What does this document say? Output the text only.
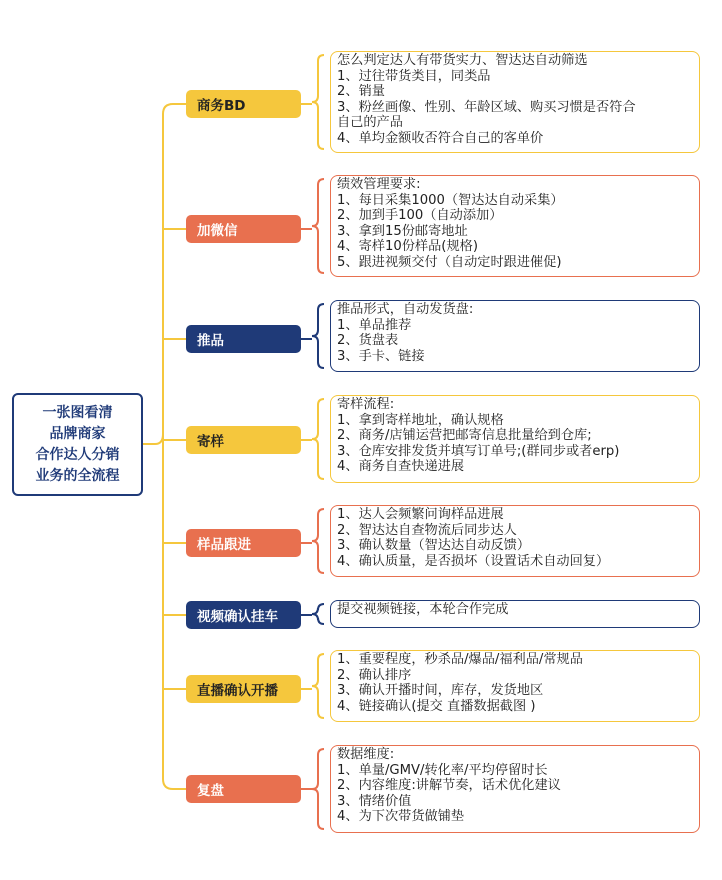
一张图看清
品牌商家
合作达人分销
业务的全流程
商务BD
怎么判定达人有带货实力、智达达自动筛选
1、过往带货类目，同类品
2、销量
3、粉丝画像、性别、年龄区域、购买习惯是否符合
自己的产品
4、单均金额收否符合自己的客单价
加微信
绩效管理要求:
1、每日采集1000（智达达自动采集）
2、加到手100（自动添加）
3、拿到15份邮寄地址
4、寄样10份样品(规格)
5、跟进视频交付（自动定时跟进催促)
推品
推品形式，自动发货盘:
1、单品推荐
2、货盘表
3、手卡、链接
寄样
寄样流程:
1、拿到寄样地址，确认规格
2、商务/店铺运营把邮寄信息批量给到仓库;
3、仓库安排发货并填写订单号;(群同步或者erp)
4、商务自查快递进展
样品跟进
1、达人会频繁问询样品进展
2、智达达自查物流后同步达人
3、确认数量（智达达自动反馈）
4、确认质量，是否损坏（设置话术自动回复）
视频确认挂车	提交视频链接，本轮合作完成
直播确认开播
1、重要程度，秒杀品/爆品/福利品/常规品
2、确认排序
3、确认开播时间，库存，发货地区
4、链接确认(提交 直播数据截图 )
复盘
数据维度:
1、单量/GMV/转化率/平均停留时长
2、内容维度:讲解节奏，话术优化建议
3、情绪价值
4、为下次带货做铺垫
